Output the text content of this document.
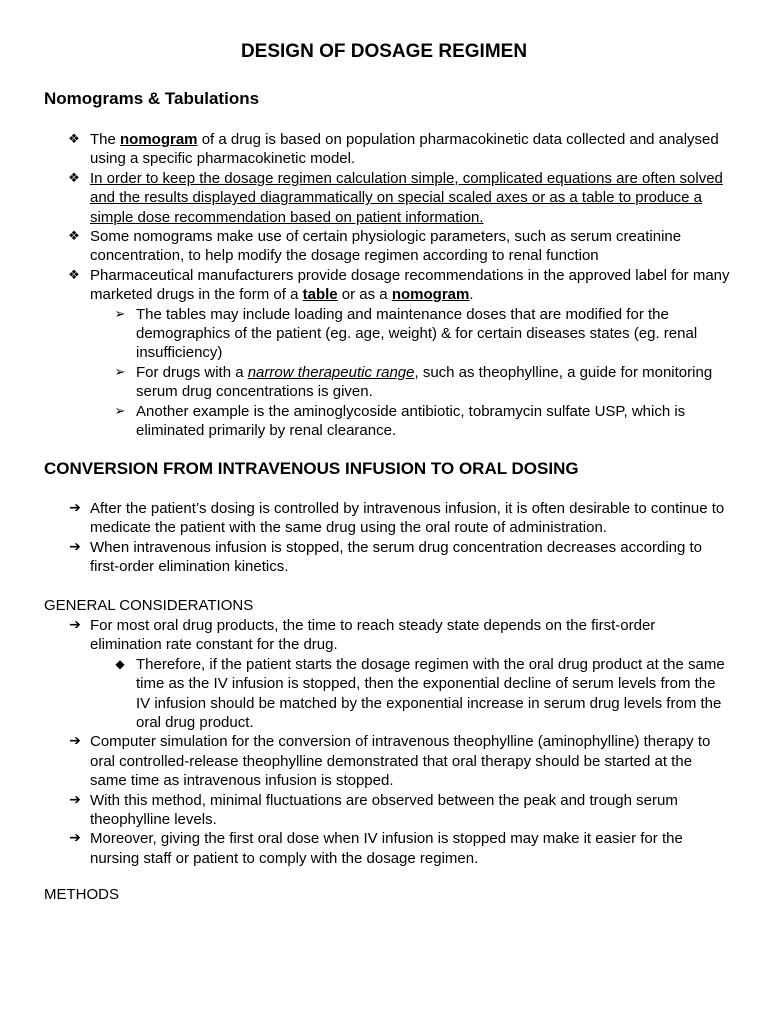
DESIGN OF DOSAGE REGIMEN
Nomograms & Tabulations
❖ The nomogram of a drug is based on population pharmacokinetic data collected and analysed using a specific pharmacokinetic model.
❖ In order to keep the dosage regimen calculation simple, complicated equations are often solved and the results displayed diagrammatically on special scaled axes or as a table to produce a simple dose recommendation based on patient information.
❖ Some nomograms make use of certain physiologic parameters, such as serum creatinine concentration, to help modify the dosage regimen according to renal function
❖ Pharmaceutical manufacturers provide dosage recommendations in the approved label for many marketed drugs in the form of a table or as a nomogram.
➢ The tables may include loading and maintenance doses that are modified for the demographics of the patient (eg. age, weight) & for certain diseases states (eg. renal insufficiency)
➢ For drugs with a narrow therapeutic range, such as theophylline, a guide for monitoring serum drug concentrations is given.
➢ Another example is the aminoglycoside antibiotic, tobramycin sulfate USP, which is eliminated primarily by renal clearance.
CONVERSION FROM INTRAVENOUS INFUSION TO ORAL DOSING
➔ After the patient’s dosing is controlled by intravenous infusion, it is often desirable to continue to medicate the patient with the same drug using the oral route of administration.
➔ When intravenous infusion is stopped, the serum drug concentration decreases according to first-order elimination kinetics.

GENERAL CONSIDERATIONS

➔ For most oral drug products, the time to reach steady state depends on the first-order elimination rate constant for the drug.
◆ Therefore, if the patient starts the dosage regimen with the oral drug product at the same time as the IV infusion is stopped, then the exponential decline of serum levels from the IV infusion should be matched by the exponential increase in serum drug levels from the oral drug product.
➔ Computer simulation for the conversion of intravenous theophylline (aminophylline) therapy to oral controlled-release theophylline demonstrated that oral therapy should be started at the same time as intravenous infusion is stopped.
➔ With this method, minimal fluctuations are observed between the peak and trough serum theophylline levels.
➔ Moreover, giving the first oral dose when IV infusion is stopped may make it easier for the nursing staff or patient to comply with the dosage regimen.

METHODS
